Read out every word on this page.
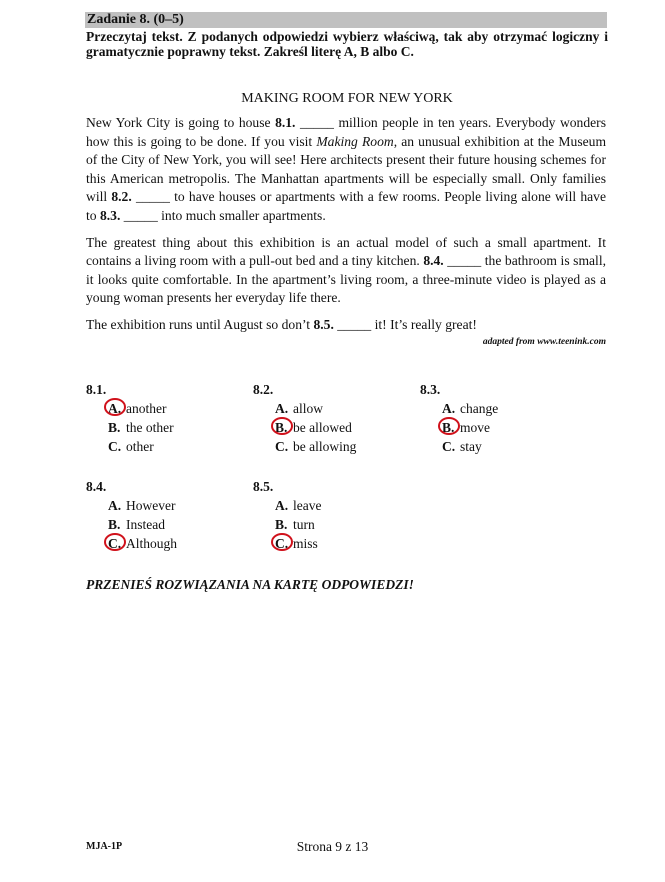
Zadanie 8. (0–5)
Przeczytaj tekst. Z podanych odpowiedzi wybierz właściwą, tak aby otrzymać logiczny i gramatycznie poprawny tekst. Zakreśl literę A, B albo C.
MAKING ROOM FOR NEW YORK

New York City is going to house 8.1. _____ million people in ten years. Everybody wonders how this is going to be done. If you visit Making Room, an unusual exhibition at the Museum of the City of New York, you will see! Here architects present their future housing schemes for this American metropolis. The Manhattan apartments will be especially small. Only families will 8.2. _____ to have houses or apartments with a few rooms. People living alone will have to 8.3. _____ into much smaller apartments.

The greatest thing about this exhibition is an actual model of such a small apartment. It contains a living room with a pull-out bed and a tiny kitchen. 8.4. _____ the bathroom is small, it looks quite comfortable. In the apartment’s living room, a three-minute video is played as a young woman presents her everyday life there.

The exhibition runs until August so don’t 8.5. _____ it! It’s really great!

adapted from www.teenink.com
8.1.
A. another
B. the other
C. other
8.2.
A. allow
B. be allowed
C. be allowing
8.3.
A. change
B. move
C. stay
8.4.
A. However
B. Instead
C. Although
8.5.
A. leave
B. turn
C. miss
PRZENIEŚ ROZWIĄZANIA NA KARTĘ ODPOWIEDZI!
MJA-1P	Strona 9 z 13
